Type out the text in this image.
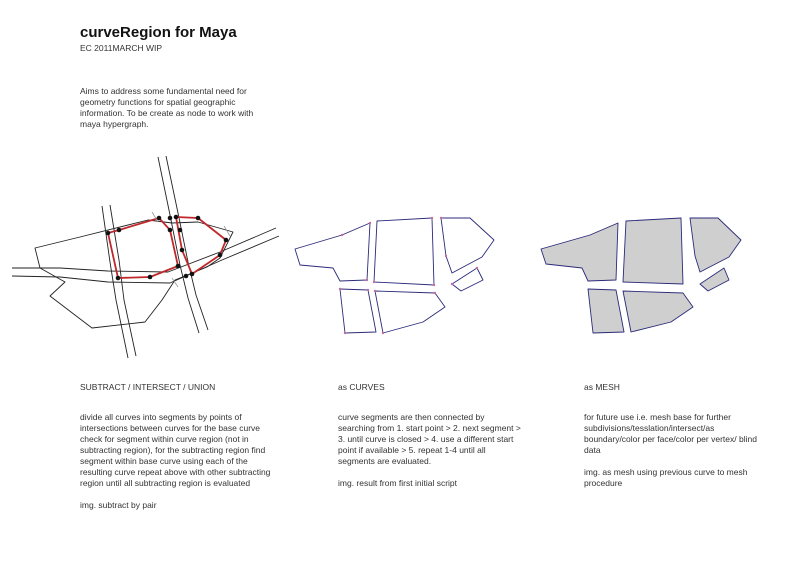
curveRegion for Maya
EC 2011MARCH WIP
Aims to address some fundamental need for geometry functions for spatial geographic information. To be create as node to work with maya hypergraph.
SUBTRACT / INTERSECT / UNION

divide all curves into segments by points of intersections between curves for the base curve check for segment within curve region (not in subtracting region), for the subtracting region find segment within base curve using each of the resulting curve repeat above with other subtracting region until all subtracting region is evaluated

img. subtract by pair

as CURVES

curve segments are then connected by searching from 1. start point > 2. next segment > 3. until curve is closed > 4. use a different start point if available > 5. repeat 1-4 until all segments are evaluated.

img. result from first initial script

as MESH

for future use i.e. mesh base for further subdivisions/tesslation/intersect/as boundary/color per face/color per vertex/ blind data

img. as mesh using previous curve to mesh procedure
